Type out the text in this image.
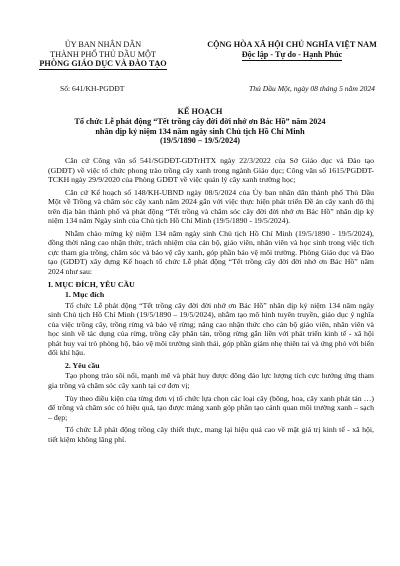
ỦY BAN NHÂN DÂN
THÀNH PHỐ THỦ DẦU MỘT
PHÒNG GIÁO DỤC VÀ ĐÀO TẠO
CỘNG HÒA XÃ HỘI CHỦ NGHĨA VIỆT NAM
Độc lập - Tự do - Hạnh Phúc
Số: 641/KH-PGDĐT	Thủ Dầu Một, ngày 08 tháng 5 năm 2024
KẾ HOẠCH
Tổ chức Lễ phát động “Tết trồng cây đời đời nhớ ơn Bác Hồ” năm 2024
nhân dịp kỷ niệm 134 năm ngày sinh Chủ tịch Hồ Chí Minh
(19/5/1890 – 19/5/2024)

Căn cứ Công văn số 541/SGDĐT-GDTrHTX ngày 22/3/2022 của Sở Giáo dục và Đào tạo (GDĐT) về việc tổ chức phong trào trồng cây xanh trong ngành Giáo dục; Công văn số 1615/PGDĐT-TCKH ngày 29/9/2020 của Phòng GDĐT về việc quản lý cây xanh trường học;

Căn cứ Kế hoạch số 148/KH-UBND ngày 08/5/2024 của Ủy ban nhân dân thành phố Thủ Dầu Một về Trồng và chăm sóc cây xanh năm 2024 gắn với việc thực hiện phát triển Đề án cây xanh đô thị trên địa bàn thành phố và phát động “Tết trồng và chăm sóc cây đời đời nhớ ơn Bác Hồ” nhân dịp kỷ niệm 134 năm Ngày sinh của Chủ tịch Hồ Chí Minh (19/5/1890 - 19/5/2024).

Nhằm chào mừng kỷ niệm 134 năm ngày sinh Chủ tịch Hồ Chí Minh (19/5/1890 - 19/5/2024), đồng thời nâng cao nhận thức, trách nhiệm của cán bộ, giáo viên, nhân viên và học sinh trong việc tích cực tham gia trồng, chăm sóc và bảo vệ cây xanh, góp phần bảo vệ môi trường. Phòng Giáo dục và Đào tạo (GDĐT) xây dựng Kế hoạch tổ chức Lễ phát động “Tết trồng cây đời đời nhớ ơn Bác Hồ” năm 2024 như sau:

I. MỤC ĐÍCH, YÊU CẦU

1. Mục đích

Tổ chức Lễ phát động “Tết trồng cây đời đời nhớ ơn Bác Hồ” nhân dịp kỷ niệm 134 năm ngày sinh Chủ tịch Hồ Chí Minh (19/5/1890 – 19/5/2024), nhằm tạo mô hình tuyên truyền, giáo dục ý nghĩa của việc trồng cây, trồng rừng và bảo vệ rừng; nâng cao nhận thức cho cán bộ giáo viên, nhân viên và học sinh về tác dụng của rừng, trồng cây phân tán, trồng rừng gắn liền với phát triển kinh tế - xã hội phát huy vai trò phòng hộ, bảo vệ môi trường sinh thái, góp phần giảm nhẹ thiên tai và ứng phó với biến đổi khí hậu.

2. Yêu cầu

Tạo phong trào sôi nổi, mạnh mẽ và phát huy được đông đảo lực lượng tích cực hưởng ứng tham gia trồng và chăm sóc cây xanh tại cơ đơn vị;

Tùy theo điều kiện của từng đơn vị tổ chức lựa chọn các loại cây (bông, hoa, cây xanh phát tán …) để trồng và chăm sóc có hiệu quả, tạo được mảng xanh góp phần tạo cảnh quan môi trường xanh – sạch – đẹp;

Tổ chức Lễ phát động trồng cây thiết thực, mang lại hiệu quả cao về mặt giá trị kinh tế - xã hội, tiết kiệm không lãng phí.
